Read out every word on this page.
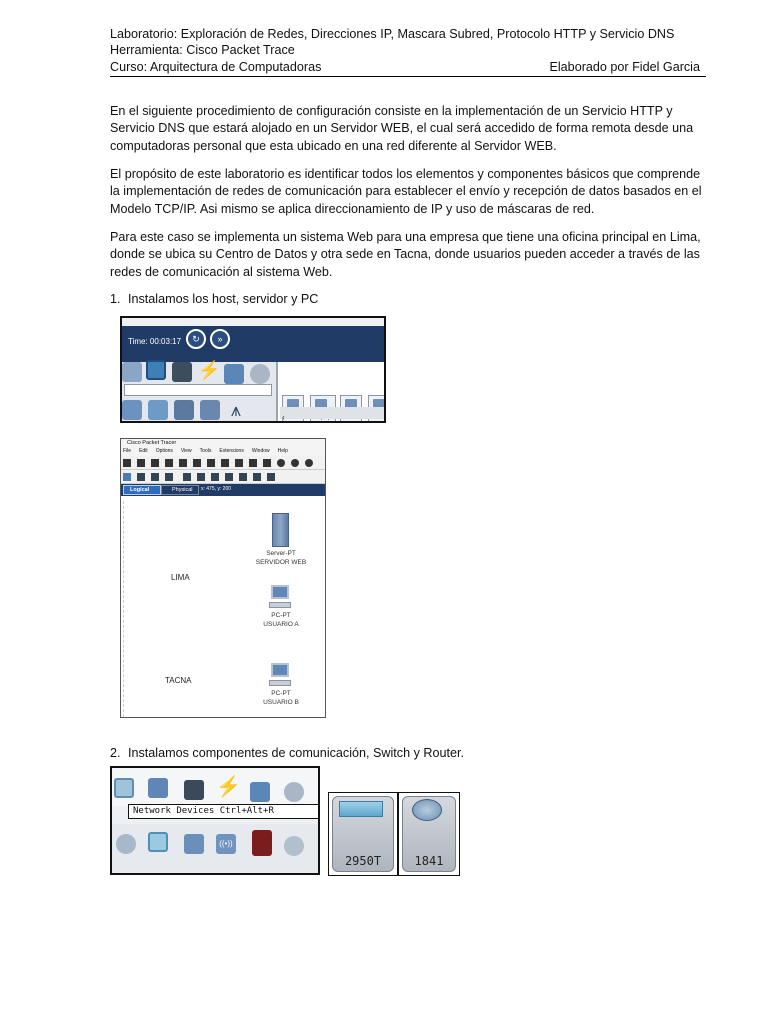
Laboratorio: Exploración de Redes, Direcciones IP, Mascara Subred, Protocolo HTTP y Servicio DNS
Herramienta: Cisco Packet Trace
Curso: Arquitectura de Computadoras	Elaborado por Fidel Garcia

En el siguiente procedimiento de configuración consiste en la implementación de un Servicio HTTP y Servicio DNS que estará alojado en un Servidor WEB, el cual será accedido de forma remota desde una computadoras personal que esta ubicado en una red diferente al Servidor WEB.

El propósito de este laboratorio es identificar todos los elementos y componentes básicos que comprende la implementación de redes de comunicación para establecer el envío y recepción de datos basados en el Modelo TCP/IP. Asi mismo se aplica direccionamiento de IP y uso de máscaras de red.

Para este caso se implementa un sistema Web para una empresa que tiene una oficina principal en Lima, donde se ubica su Centro de Datos y otra sede en Tacna, donde usuarios pueden acceder a través de las redes de comunicación al sistema Web.

1. Instalamos los host, servidor y PC
Time: 00:03:17	↻	»
⚡
⩚	‹
Cisco Packet Tracer
File Edit Options View Tools Extensions Window Help
Logical	Physical	x: 475, y: 200
LIMA
TACNA
Server-PT
SERVIDOR WEB
PC-PT
USUARIO A
PC-PT
USUARIO B
2. Instalamos componentes de comunicación, Switch y Router.
⚡
Network Devices Ctrl+Alt+R
((•))
2950T	1841
